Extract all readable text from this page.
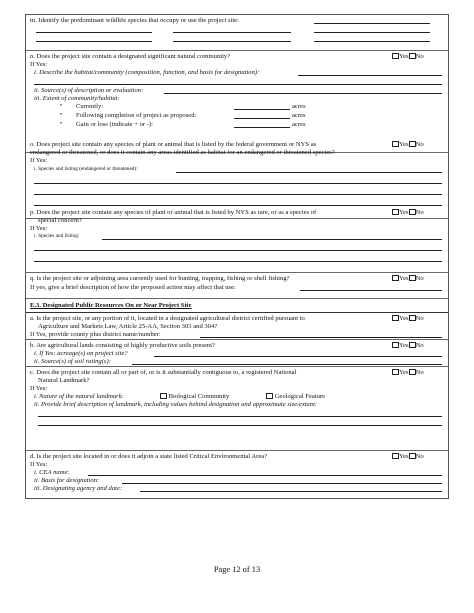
m. Identify the predominant wildlife species that occupy or use the project site:
n. Does the project site contain a designated significant natural community?	Yes No
If Yes:
i. Describe the habitat/community (composition, function, and basis for designation):
ii. Source(s) of description or evaluation:
iii. Extent of community/habitat:
• Currently:	acres
• Following completion of project as proposed:	acres
• Gain or loss (indicate + or -):	acres
o. Does project site contain any species of plant or animal that is listed by the federal government or NYS as	Yes No
endangered or threatened, or does it contain any areas identified as habitat for an endangered or threatened species?
If Yes:
i. Species and listing (endangered or threatened):
p. Does the project site contain any species of plant or animal that is listed by NYS as rare, or as a species of	Yes No
special concern?
If Yes:
i. Species and listing:
q. Is the project site or adjoining area currently used for hunting, trapping, fishing or shell fishing?	Yes No
If yes, give a brief description of how the proposed action may affect that use:
E.3. Designated Public Resources On or Near Project Site
a. Is the project site, or any portion of it, located in a designated agricultural district certified pursuant to	Yes No
Agriculture and Markets Law, Article 25-AA, Section 303 and 304?
If Yes, provide county plus district name/number:
b. Are agricultural lands consisting of highly productive soils present?	Yes No
i. If Yes: acreage(s) on project site?
ii. Source(s) of soil rating(s):
c. Does the project site contain all or part of, or is it substantially contiguous to, a registered National	Yes No
Natural Landmark?
If Yes:
i. Nature of the natural landmark:	Biological Community	Geological Feature
ii. Provide brief description of landmark, including values behind designation and approximate size/extent:
d. Is the project site located in or does it adjoin a state listed Critical Environmental Area?	Yes No
If Yes:
i. CEA name:
ii. Basis for designation:
iii. Designating agency and date:
Page 12 of 13
